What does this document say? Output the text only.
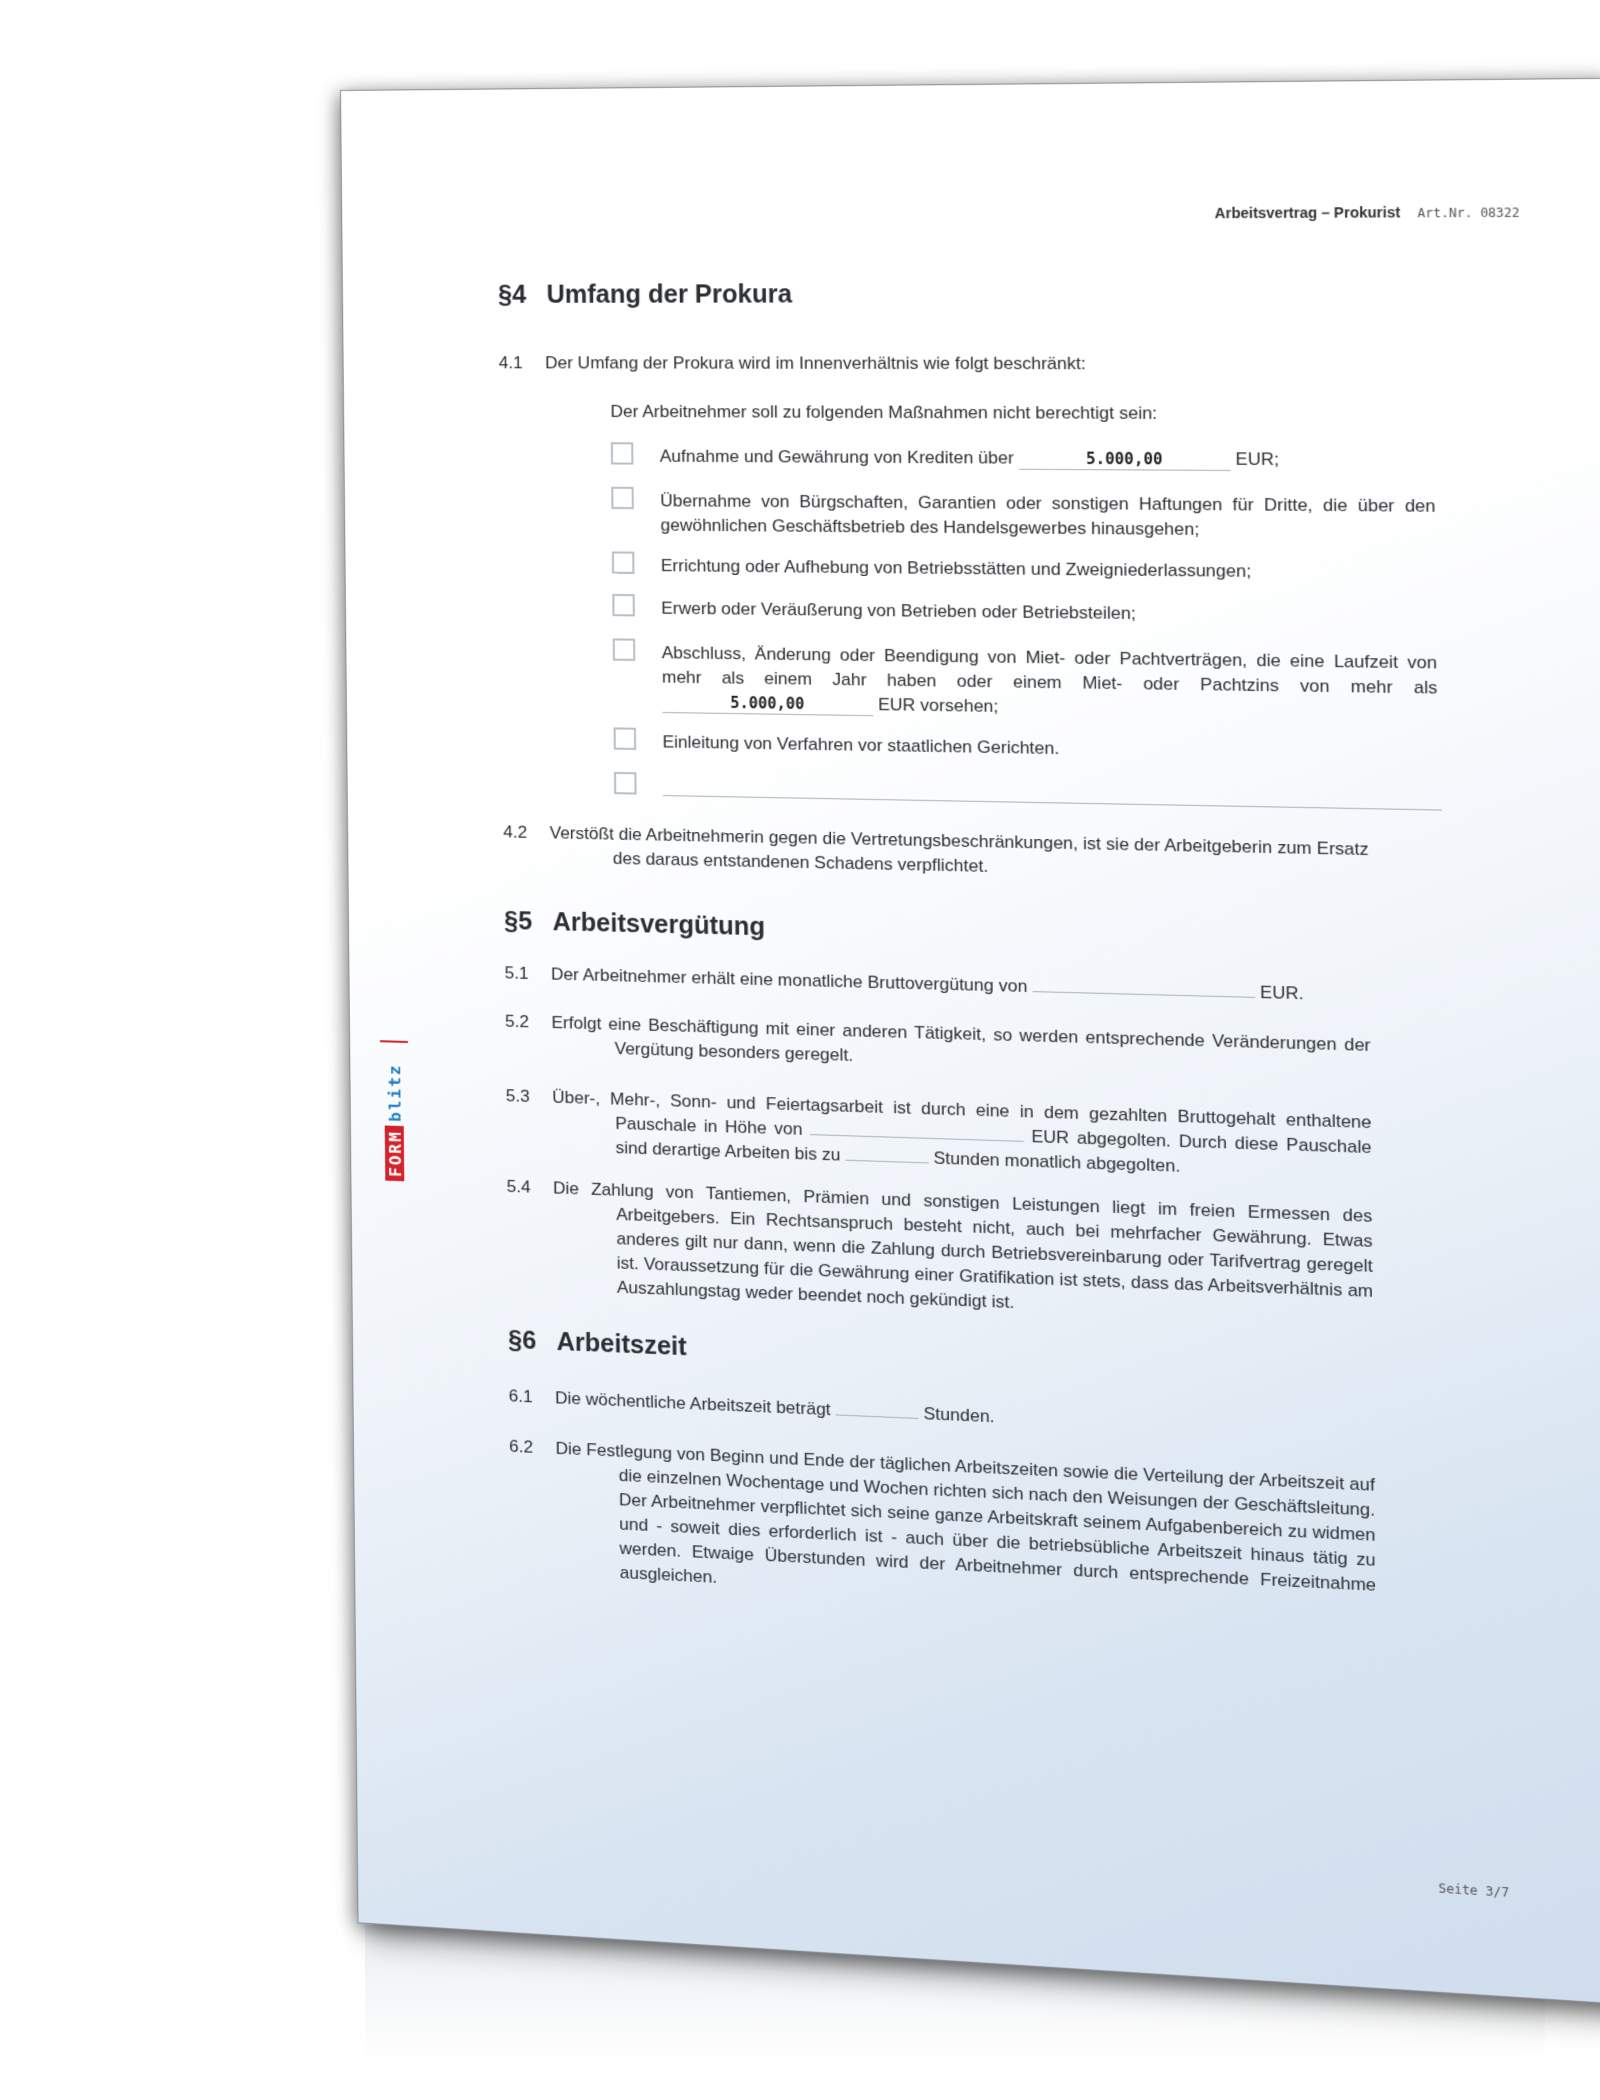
Arbeitsvertrag – Prokurist Art.Nr. 08322
FORM
blitz
§4 Umfang der Prokura
4.1 Der Umfang der Prokura wird im Innenverhältnis wie folgt beschränkt:
Der Arbeitnehmer soll zu folgenden Maßnahmen nicht berechtigt sein:
Aufnahme und Gewährung von Krediten über	5.000,00	EUR;
Übernahme von Bürgschaften, Garantien oder sonstigen Haftungen für Dritte, die über den gewöhnlichen Geschäftsbetrieb des Handelsgewerbes hinausgehen;
Errichtung oder Aufhebung von Betriebsstätten und Zweigniederlassungen;
Erwerb oder Veräußerung von Betrieben oder Betriebsteilen;
Abschluss, Änderung oder Beendigung von Miet- oder Pachtverträgen, die eine Laufzeit von mehr als einem Jahr haben oder einem Miet- oder Pachtzins von mehr als 5.000,00	EUR vorsehen;
Einleitung von Verfahren vor staatlichen Gerichten.
4.2 Verstößt die Arbeitnehmerin gegen die Vertretungsbeschränkungen, ist sie der Arbeitgeberin zum Ersatz des daraus entstandenen Schadens verpflichtet.
§5 Arbeitsvergütung
5.1 Der Arbeitnehmer erhält eine monatliche Bruttovergütung von	EUR.
5.2 Erfolgt eine Beschäftigung mit einer anderen Tätigkeit, so werden entsprechende Veränderungen der Vergütung besonders geregelt.
5.3 Über-, Mehr-, Sonn- und Feiertagsarbeit ist durch eine in dem gezahlten Bruttogehalt enthaltene Pauschale in Höhe von  EUR abgegolten. Durch diese Pauschale sind derartige Arbeiten bis zu	Stunden monatlich abgegolten.
5.4 Die Zahlung von Tantiemen, Prämien und sonstigen Leistungen liegt im freien Ermessen des Arbeitgebers. Ein Rechtsanspruch besteht nicht, auch bei mehrfacher Gewährung. Etwas anderes gilt nur dann, wenn die Zahlung durch Betriebsvereinbarung oder Tarifvertrag geregelt ist. Voraussetzung für die Gewährung einer Gratifikation ist stets, dass das Arbeitsverhältnis am Auszahlungstag weder beendet noch gekündigt ist.
§6 Arbeitszeit
6.1 Die wöchentliche Arbeitszeit beträgt	Stunden.
6.2 Die Festlegung von Beginn und Ende der täglichen Arbeitszeiten sowie die Verteilung der Arbeitszeit auf die einzelnen Wochentage und Wochen richten sich nach den Weisungen der Geschäftsleitung. Der Arbeitnehmer verpflichtet sich seine ganze Arbeitskraft seinem Aufgabenbereich zu widmen und - soweit dies erforderlich ist - auch über die betriebsübliche Arbeitszeit hinaus tätig zu werden. Etwaige Überstunden wird der Arbeitnehmer durch entsprechende Freizeitnahme ausgleichen.
Seite 3/7
